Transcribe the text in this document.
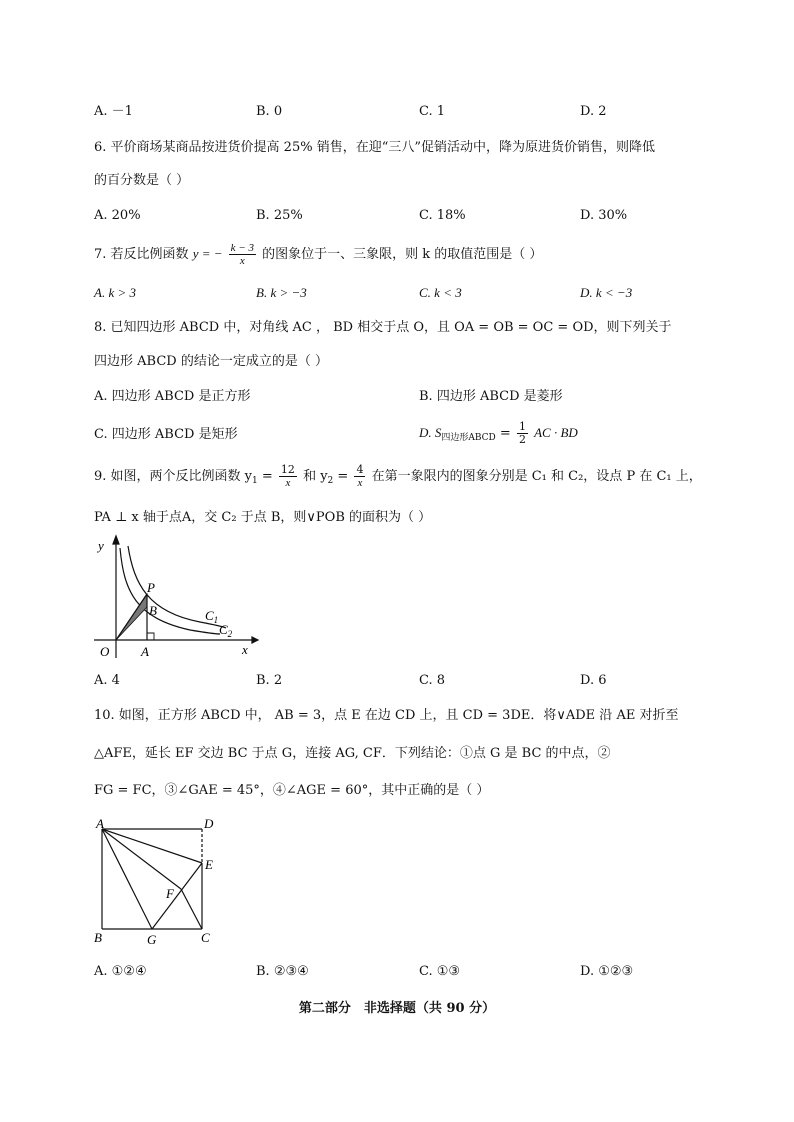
A. －1	B. 0	C. 1	D. 2
6. 平价商场某商品按进货价提高 25% 销售，在迎“三八”促销活动中，降为原进货价销售，则降低
的百分数是（ ）
A. 20%	B. 25%	C. 18%	D. 30%
7. 若反比例函数 y = − $\frac{k - 3}{x}$ 的图象位于一、三象限，则 k 的取值范围是（ ）
A. k > 3	B. k > −3	C. k < 3	D. k < −3
8. 已知四边形 ABCD 中，对角线 AC ， BD 相交于点 O，且 OA = OB = OC = OD，则下列关于
四边形 ABCD 的结论一定成立的是（ ）
A. 四边形 ABCD 是正方形	B. 四边形 ABCD 是菱形
C. 四边形 ABCD 是矩形	D. $S_{四边形ABCD} = \frac{1}{2}$ AC · BD
9. 如图，两个反比例函数 $y_1 = \frac{12}{x}$ 和 $y_2 = \frac{4}{x}$ 在第一象限内的图象分别是 C₁ 和 C₂，设点 P 在 C₁ 上，
PA ⊥ x 轴于点A，交 C₂ 于点 B，则∨POB 的面积为（ ）
y
x
O A
B
P
$C_1$
$C_2$
A. 4	B. 2	C. 8	D. 6
10. 如图，正方形 ABCD 中， AB = 3，点 E 在边 CD 上，且 CD = 3DE．将∨ADE 沿 AE 对折至
△AFE，延长 EF 交边 BC 于点 G，连接 AG, CF．下列结论：①点 G 是 BC 的中点，②
FG = FC，③∠GAE = 45°，④∠AGE = 60°，其中正确的是（ ）
A	D
E
F
B	G	C
A. ①②④	B. ②③④	C. ①③	D. ①②③
第二部分　非选择题（共 90 分）
